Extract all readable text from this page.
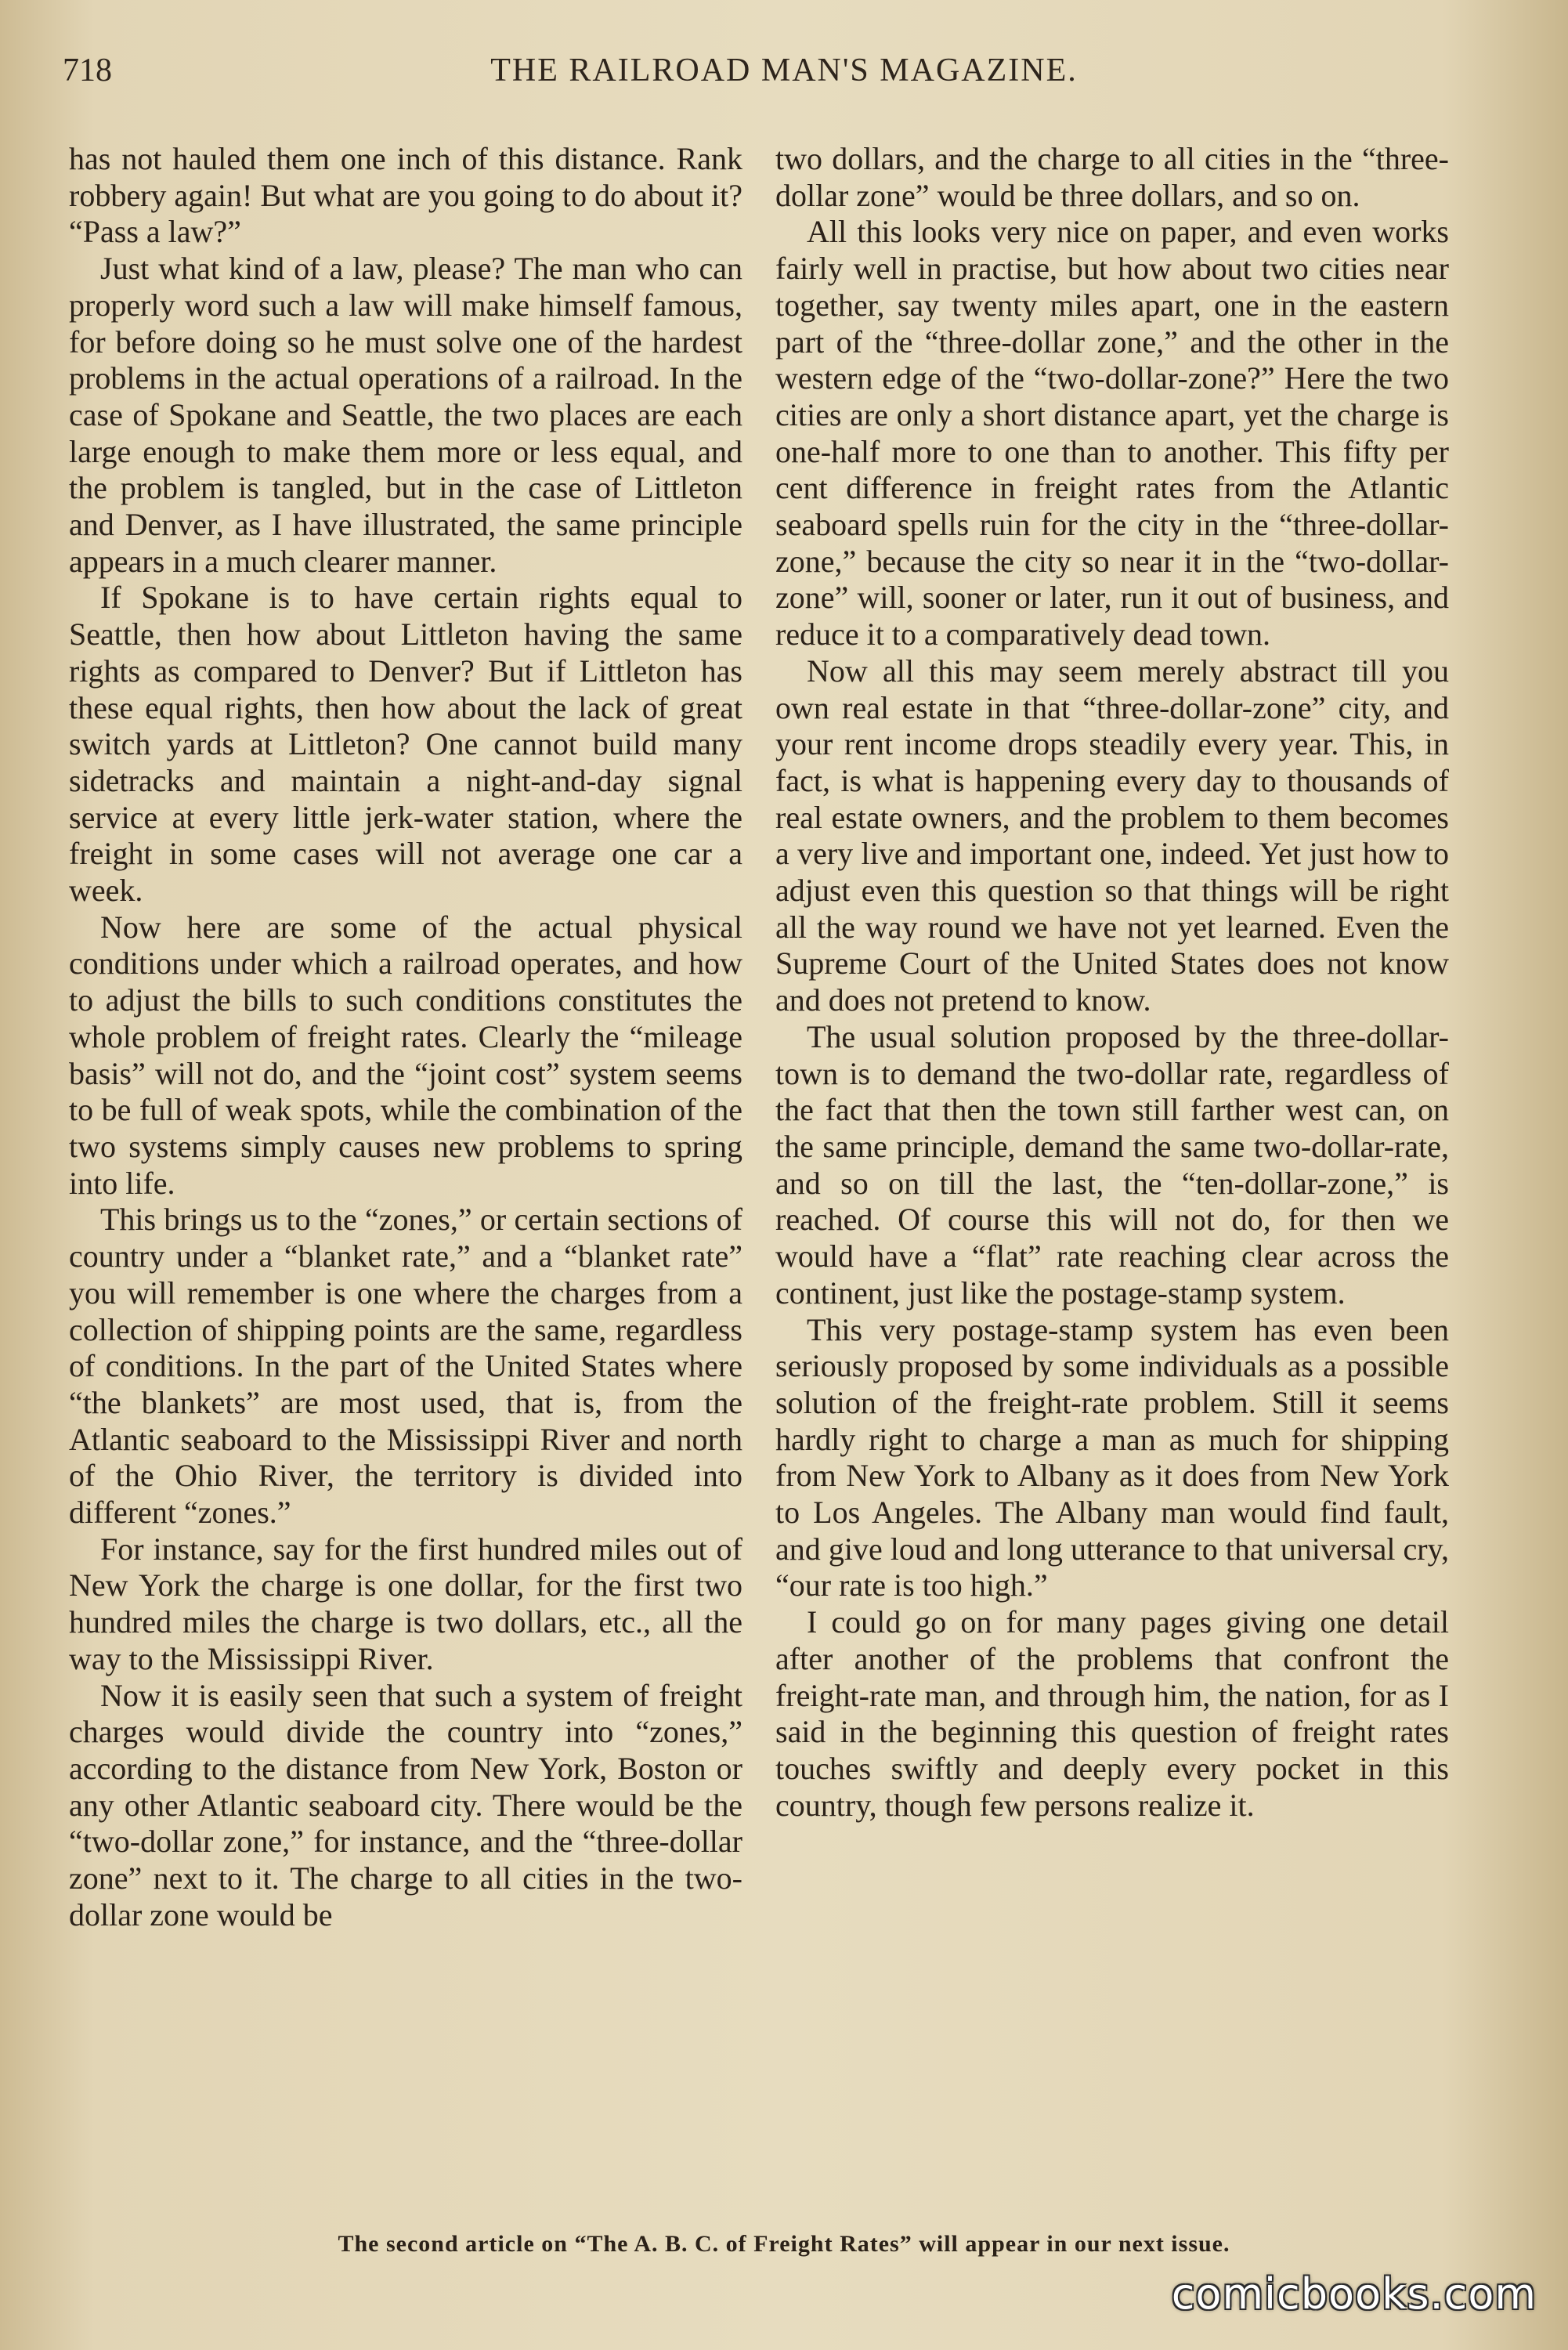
718	THE RAILROAD MAN'S MAGAZINE.

has not hauled them one inch of this distance. Rank robbery again! But what are you going to do about it? “Pass a law?”

Just what kind of a law, please? The man who can properly word such a law will make himself famous, for before doing so he must solve one of the hardest problems in the actual operations of a railroad. In the case of Spokane and Seattle, the two places are each large enough to make them more or less equal, and the problem is tangled, but in the case of Littleton and Denver, as I have illustrated, the same principle appears in a much clearer manner.

If Spokane is to have certain rights equal to Seattle, then how about Littleton having the same rights as compared to Denver? But if Littleton has these equal rights, then how about the lack of great switch yards at Littleton? One cannot build many sidetracks and maintain a night-and-day signal service at every little jerk-water station, where the freight in some cases will not average one car a week.

Now here are some of the actual physical conditions under which a railroad operates, and how to adjust the bills to such conditions constitutes the whole problem of freight rates. Clearly the “mileage basis” will not do, and the “joint cost” system seems to be full of weak spots, while the combination of the two systems simply causes new problems to spring into life.

This brings us to the “zones,” or certain sections of country under a “blanket rate,” and a “blanket rate” you will remember is one where the charges from a collection of shipping points are the same, regardless of conditions. In the part of the United States where “the blankets” are most used, that is, from the Atlantic seaboard to the Mississippi River and north of the Ohio River, the territory is divided into different “zones.”

For instance, say for the first hundred miles out of New York the charge is one dollar, for the first two hundred miles the charge is two dollars, etc., all the way to the Mississippi River.

Now it is easily seen that such a system of freight charges would divide the country into “zones,” according to the distance from New York, Boston or any other Atlantic seaboard city. There would be the “two-dollar zone,” for instance, and the “three-dollar zone” next to it. The charge to all cities in the two-dollar zone would be

two dollars, and the charge to all cities in the “three-dollar zone” would be three dollars, and so on.

All this looks very nice on paper, and even works fairly well in practise, but how about two cities near together, say twenty miles apart, one in the eastern part of the “three-dollar zone,” and the other in the western edge of the “two-dollar-zone?” Here the two cities are only a short distance apart, yet the charge is one-half more to one than to another. This fifty per cent difference in freight rates from the Atlantic seaboard spells ruin for the city in the “three-dollar-zone,” because the city so near it in the “two-dollar-zone” will, sooner or later, run it out of business, and reduce it to a comparatively dead town.

Now all this may seem merely abstract till you own real estate in that “three-dollar-zone” city, and your rent income drops steadily every year. This, in fact, is what is happening every day to thousands of real estate owners, and the problem to them becomes a very live and important one, indeed. Yet just how to adjust even this question so that things will be right all the way round we have not yet learned. Even the Supreme Court of the United States does not know and does not pretend to know.

The usual solution proposed by the three-dollar-town is to demand the two-dollar rate, regardless of the fact that then the town still farther west can, on the same principle, demand the same two-dollar-rate, and so on till the last, the “ten-dollar-zone,” is reached. Of course this will not do, for then we would have a “flat” rate reaching clear across the continent, just like the postage-stamp system.

This very postage-stamp system has even been seriously proposed by some individuals as a possible solution of the freight-rate problem. Still it seems hardly right to charge a man as much for shipping from New York to Albany as it does from New York to Los Angeles. The Albany man would find fault, and give loud and long utterance to that universal cry, “our rate is too high.”

I could go on for many pages giving one detail after another of the problems that confront the freight-rate man, and through him, the nation, for as I said in the beginning this question of freight rates touches swiftly and deeply every pocket in this country, though few persons realize it.

The second article on “The A. B. C. of Freight Rates” will appear in our next issue.
comicbooks.com
